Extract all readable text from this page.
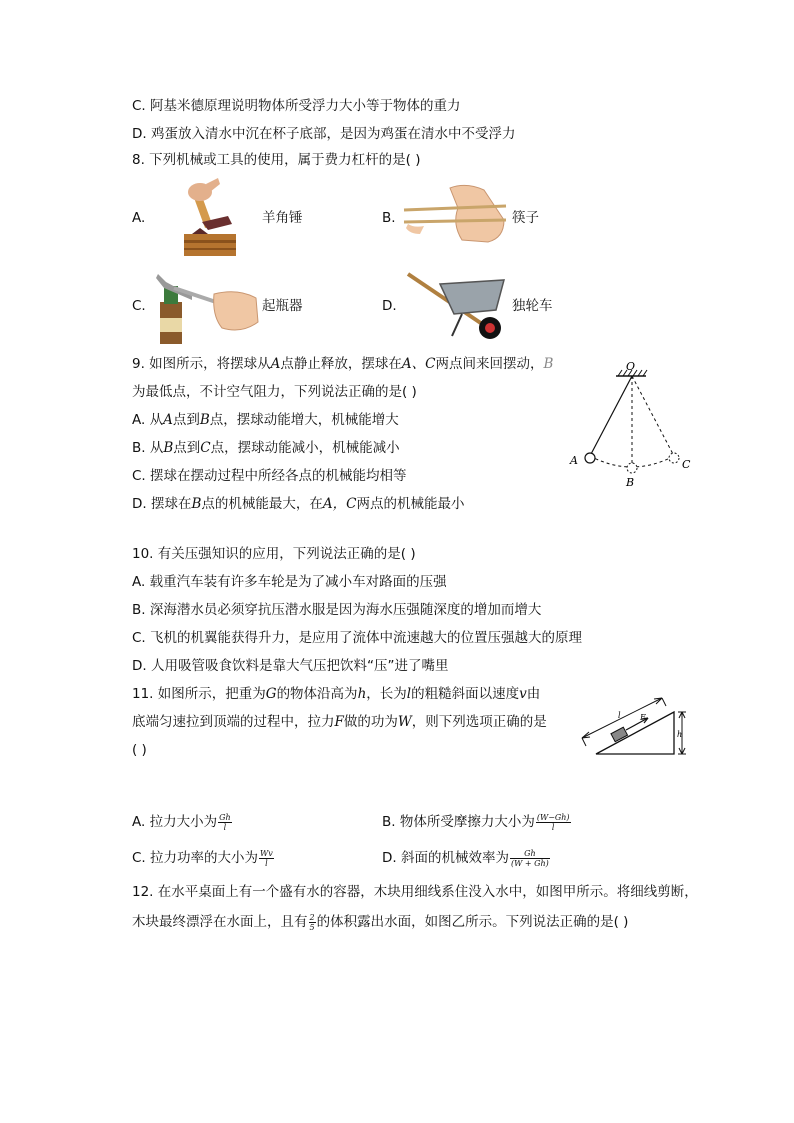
C. 阿基米德原理说明物体所受浮力大小等于物体的重力
D. 鸡蛋放入清水中沉在杯子底部，是因为鸡蛋在清水中不受浮力
8. 下列机械或工具的使用，属于费力杠杆的是( )
A.	羊角锤	B.	筷子
C.	起瓶器	D.	独轮车
9. 如图所示，将摆球从A点静止释放，摆球在A、C两点间来回摆动，B
为最低点，不计空气阻力，下列说法正确的是( )
A. 从A点到B点，摆球动能增大，机械能增大
B. 从B点到C点，摆球动能减小，机械能减小
C. 摆球在摆动过程中所经各点的机械能均相等
D. 摆球在B点的机械能最大，在A，C两点的机械能最小
O
A
B
C
10. 有关压强知识的应用，下列说法正确的是( )
A. 载重汽车装有许多车轮是为了减小车对路面的压强
B. 深海潜水员必须穿抗压潜水服是因为海水压强随深度的增加而增大
C. 飞机的机翼能获得升力，是应用了流体中流速越大的位置压强越大的原理
D. 人用吸管吸食饮料是靠大气压把饮料“压”进了嘴里
11. 如图所示，把重为G的物体沿高为h，长为l的粗糙斜面以速度v由
底端匀速拉到顶端的过程中，拉力F做的功为W，则下列选项正确的是
( )
l F
h
A. 拉力大小为 $\frac{Gh}{l}$	B. 物体所受摩擦力大小为 $\frac{(W-Gh)}{l}$
C. 拉力功率的大小为 $\frac{Wv}{l}$	D. 斜面的机械效率为 $\frac{Gh}{(W + Gh)}$
12. 在水平桌面上有一个盛有水的容器，木块用细线系住没入水中，如图甲所示。将细线剪断，
木块最终漂浮在水面上，且有 $\frac{2}{5}$ 的体积露出水面，如图乙所示。下列说法正确的是( )
